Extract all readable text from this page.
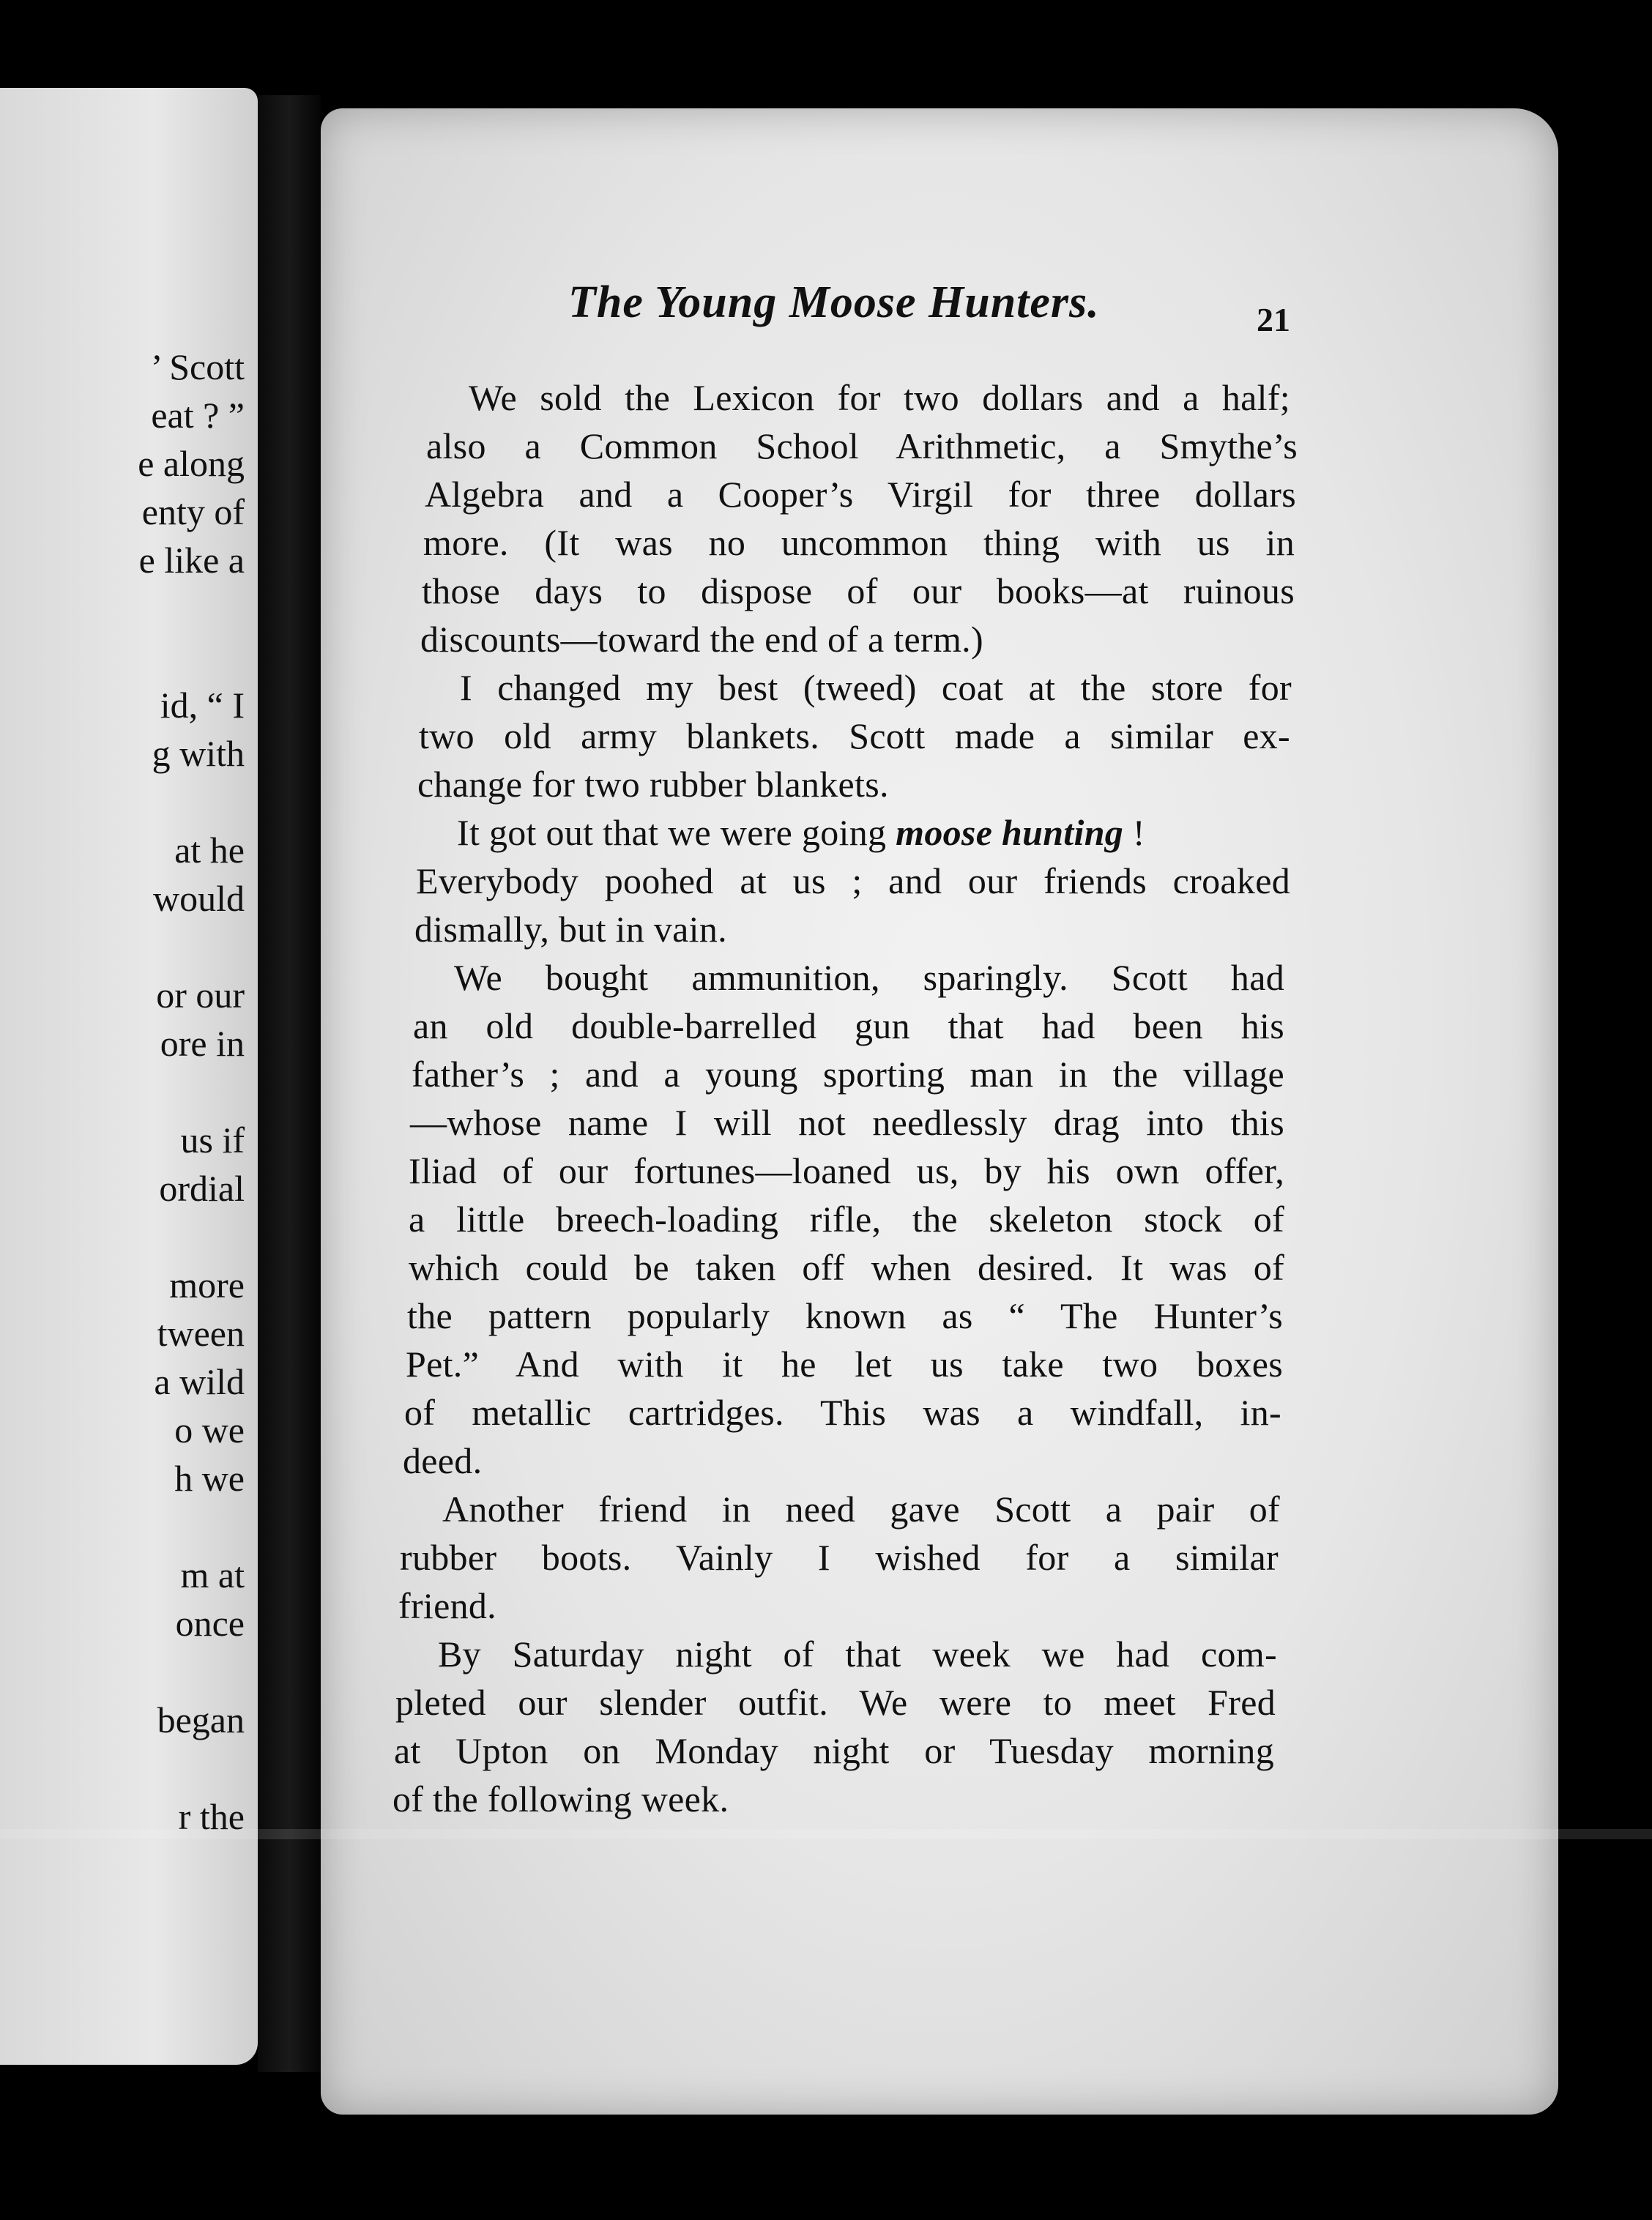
’ Scott
eat ? ”
e along
enty of
e like a
id, “ I
g with
at he
would
or our
ore in
us if
ordial
more
tween
a wild
o we
h we
m at
once
began
r the
The Young Moose Hunters.	21
We sold the Lexicon for two dollars and a half;
also a Common School Arithmetic, a Smythe’s
Algebra and a Cooper’s Virgil for three dollars
more. (It was no uncommon thing with us in
those days to dispose of our books—at ruinous
discounts—toward the end of a term.)
I changed my best (tweed) coat at the store for
two old army blankets. Scott made a similar ex-
change for two rubber blankets.
It got out that we were going moose hunting !
Everybody poohed at us ; and our friends croaked
dismally, but in vain.
We bought ammunition, sparingly. Scott had
an old double-barrelled gun that had been his
father’s ; and a young sporting man in the village
—whose name I will not needlessly drag into this
Iliad of our fortunes—loaned us, by his own offer,
a little breech-loading rifle, the skeleton stock of
which could be taken off when desired. It was of
the pattern popularly known as “ The Hunter’s
Pet.” And with it he let us take two boxes
of metallic cartridges. This was a windfall, in-
deed.
Another friend in need gave Scott a pair of
rubber boots. Vainly I wished for a similar
friend.
By Saturday night of that week we had com-
pleted our slender outfit. We were to meet Fred
at Upton on Monday night or Tuesday morning
of the following week.
